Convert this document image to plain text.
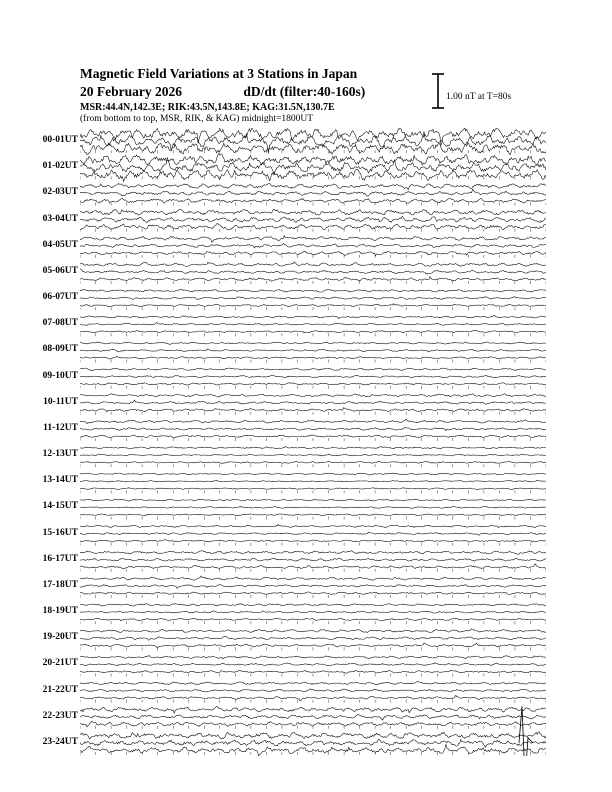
Magnetic Field Variations at 3 Stations in Japan
20 February 2026	dD/dt (filter:40-160s)
MSR:44.4N,142.3E; RIK:43.5N,143.8E; KAG:31.5N,130.7E
(from bottom to top, MSR, RIK, & KAG) midnight=1800UT
1.00 nT at T=80s
00-01UT
01-02UT
02-03UT
03-04UT
04-05UT
05-06UT
06-07UT
07-08UT
08-09UT
09-10UT
10-11UT
11-12UT
12-13UT
13-14UT
14-15UT
15-16UT
16-17UT
17-18UT
18-19UT
19-20UT
20-21UT
21-22UT
22-23UT
23-24UT
